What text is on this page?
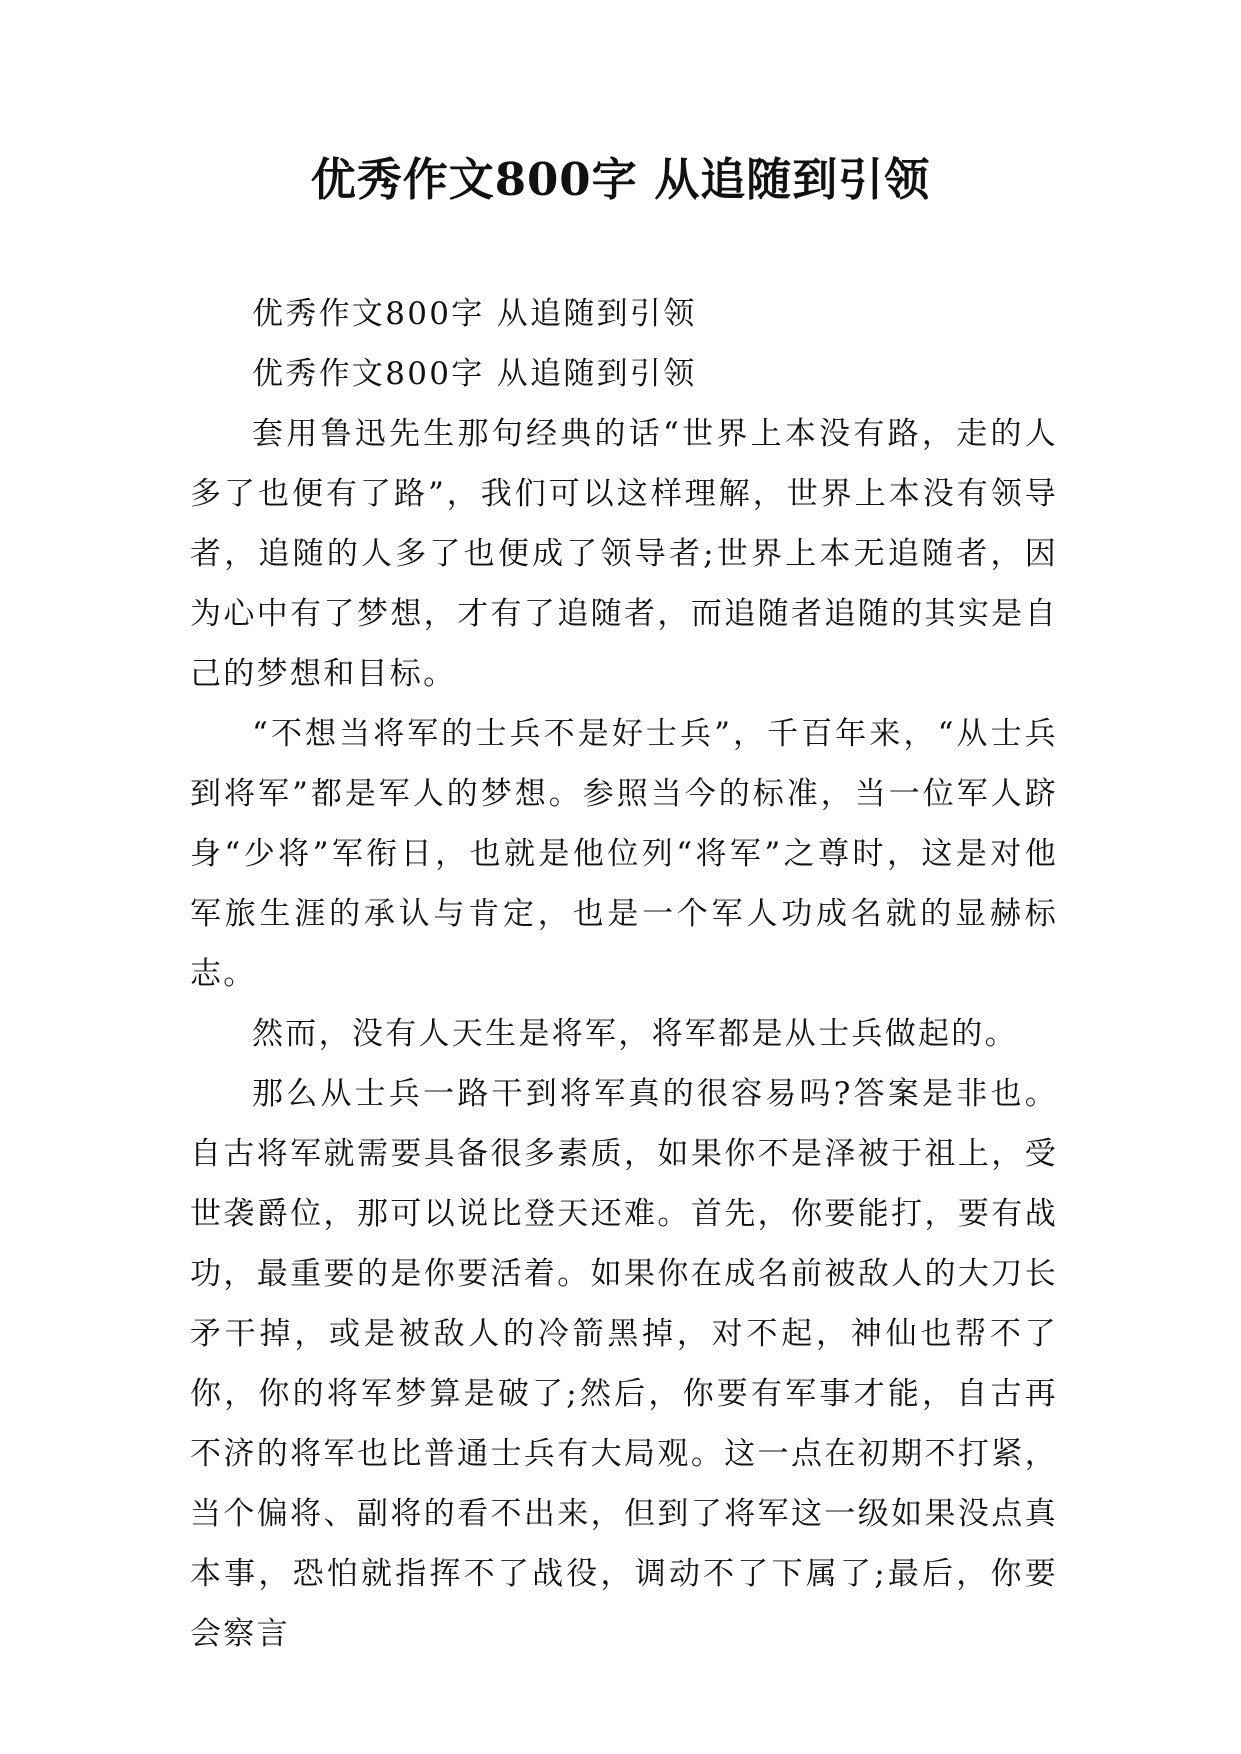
优秀作文800字 从追随到引领

优秀作文800字 从追随到引领

优秀作文800字 从追随到引领

套用鲁迅先生那句经典的话“世界上本没有路，走的人多了也便有了路”，我们可以这样理解，世界上本没有领导者，追随的人多了也便成了领导者;世界上本无追随者，因为心中有了梦想，才有了追随者，而追随者追随的其实是自己的梦想和目标。

“不想当将军的士兵不是好士兵”，千百年来，“从士兵到将军”都是军人的梦想。参照当今的标准，当一位军人跻身“少将”军衔日，也就是他位列“将军”之尊时，这是对他军旅生涯的承认与肯定，也是一个军人功成名就的显赫标志。

然而，没有人天生是将军，将军都是从士兵做起的。

那么从士兵一路干到将军真的很容易吗?答案是非也。自古将军就需要具备很多素质，如果你不是泽被于祖上，受世袭爵位，那可以说比登天还难。首先，你要能打，要有战功，最重要的是你要活着。如果你在成名前被敌人的大刀长矛干掉，或是被敌人的冷箭黑掉，对不起，神仙也帮不了你，你的将军梦算是破了;然后，你要有军事才能，自古再不济的将军也比普通士兵有大局观。这一点在初期不打紧，当个偏将、副将的看不出来，但到了将军这一级如果没点真本事，恐怕就指挥不了战役，调动不了下属了;最后，你要会察言
